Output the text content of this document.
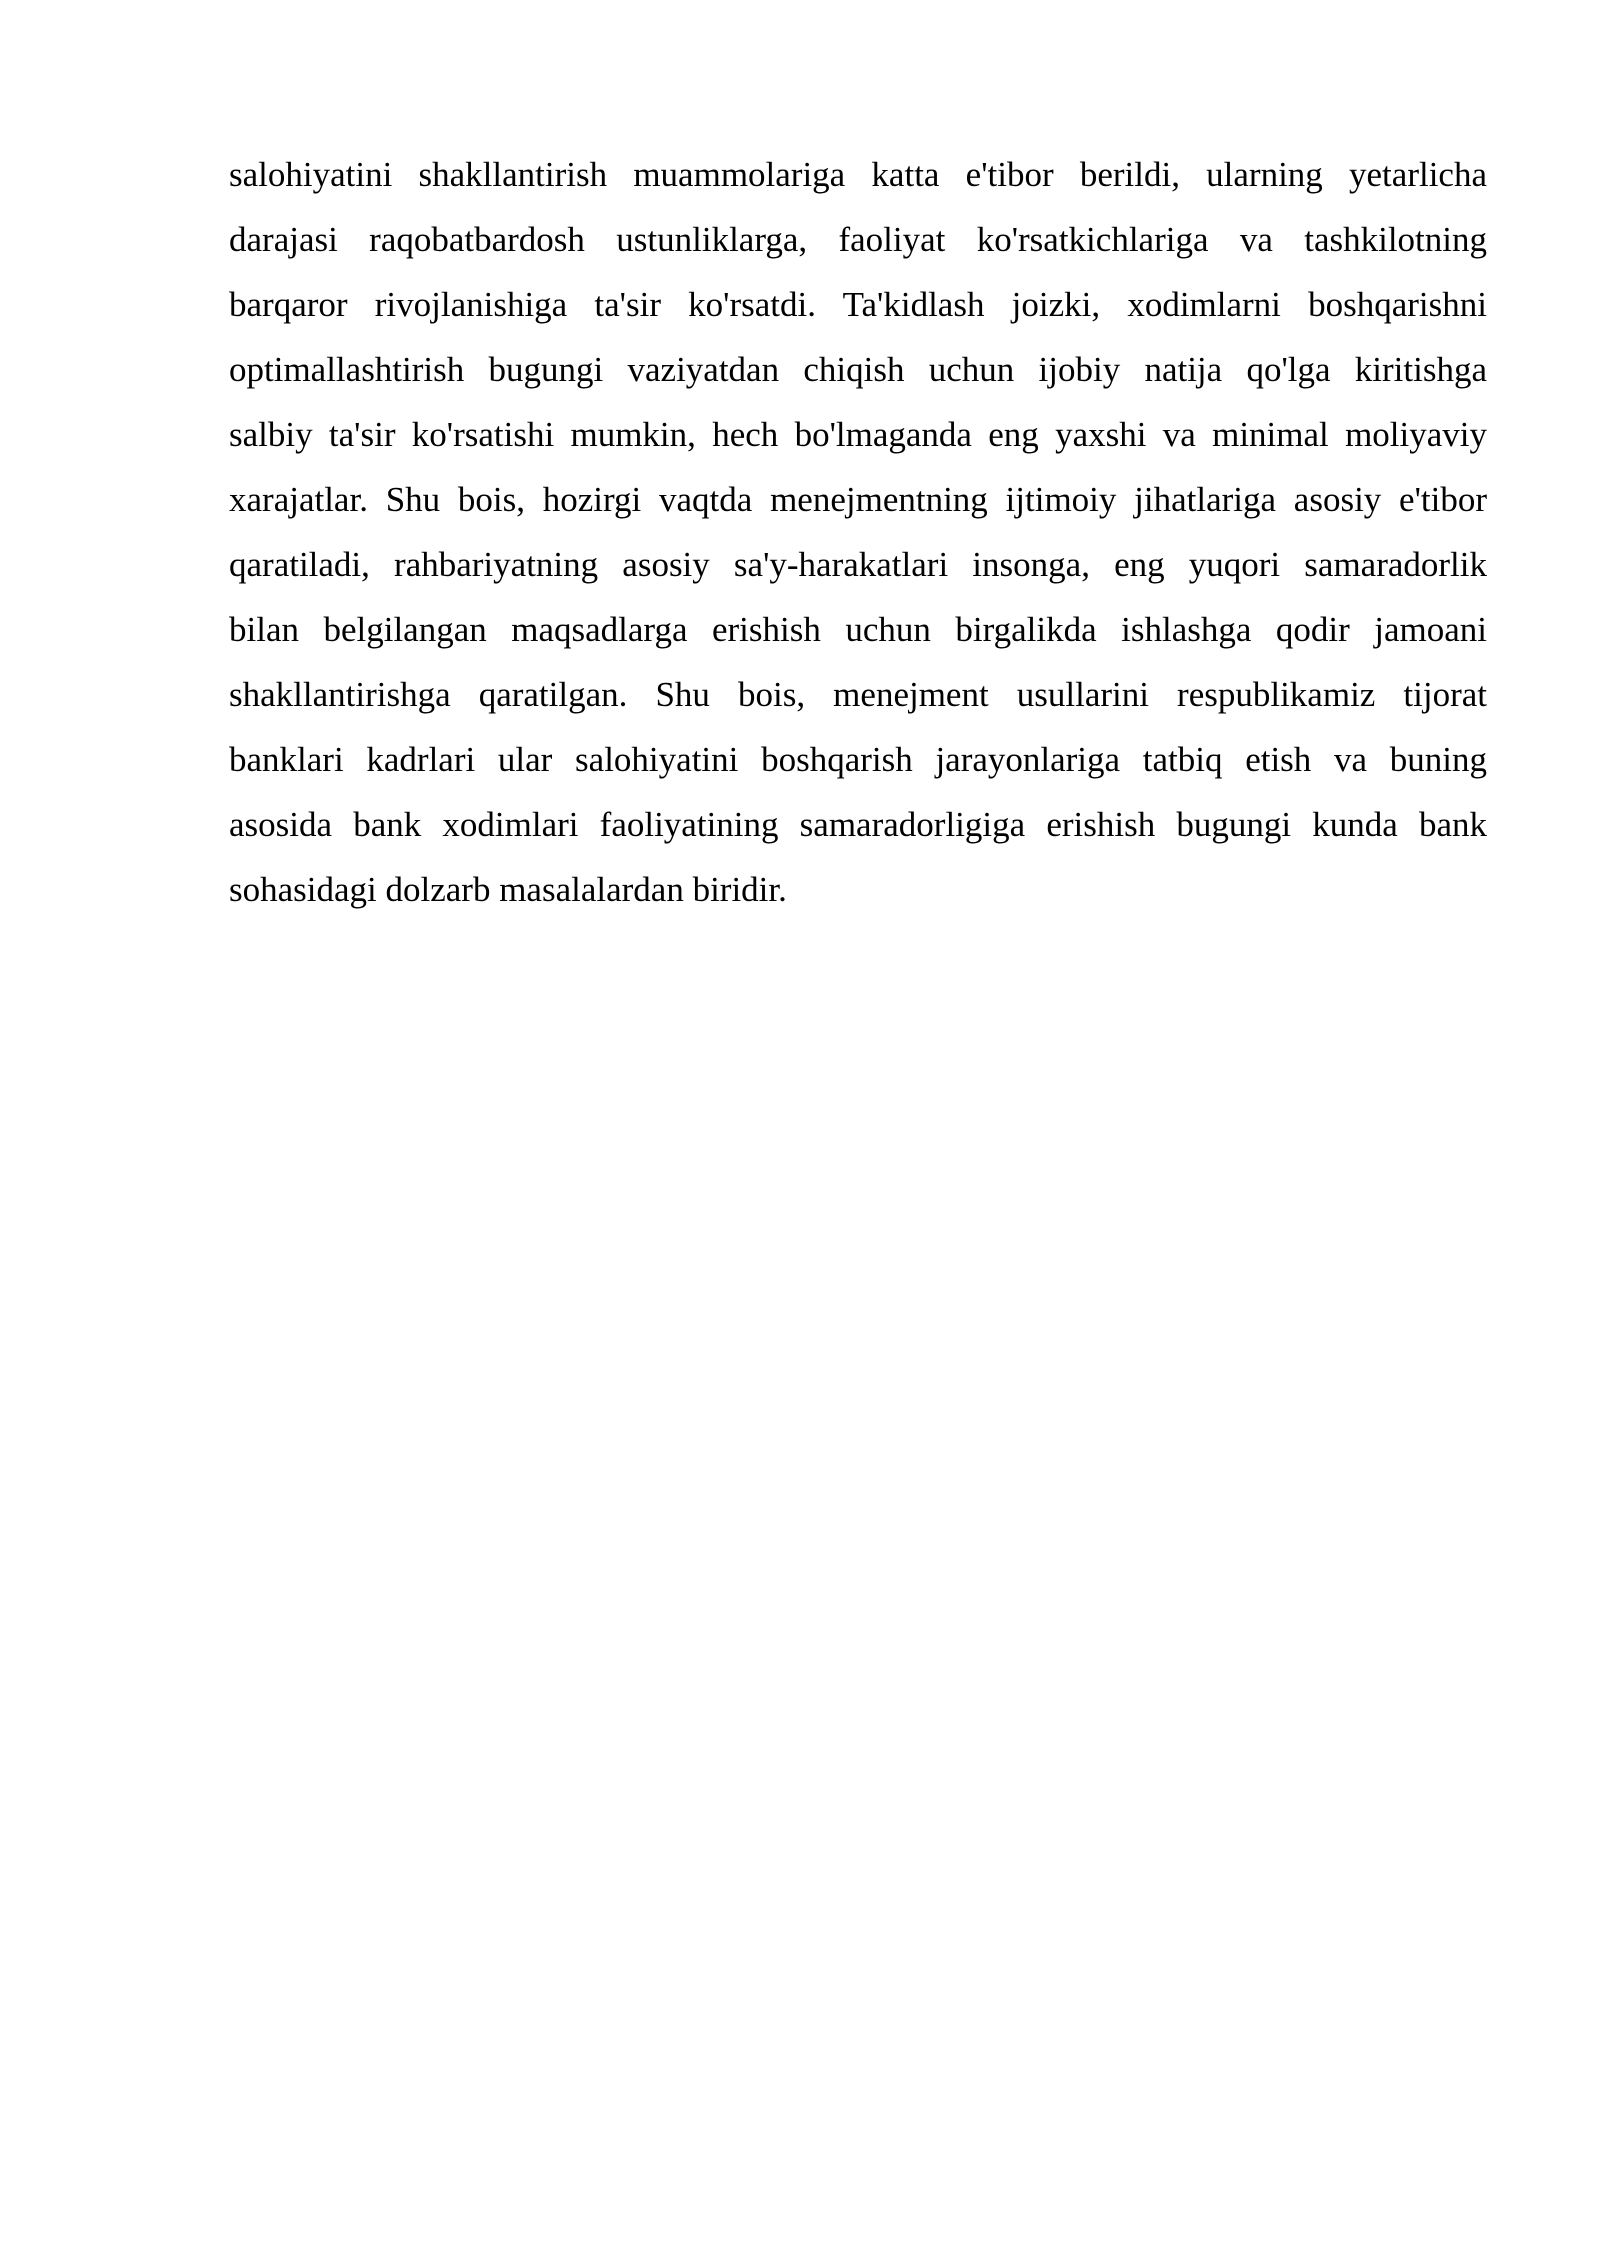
salohiyatini shakllantirish muammolariga katta e'tibor berildi, ularning yetarlicha
darajasi raqobatbardosh ustunliklarga, faoliyat ko'rsatkichlariga va tashkilotning
barqaror rivojlanishiga ta'sir ko'rsatdi. Ta'kidlash joizki, xodimlarni boshqarishni
optimallashtirish bugungi vaziyatdan chiqish uchun ijobiy natija qo'lga kiritishga
salbiy ta'sir ko'rsatishi mumkin, hech bo'lmaganda eng yaxshi va minimal moliyaviy
xarajatlar. Shu bois, hozirgi vaqtda menejmentning ijtimoiy jihatlariga asosiy e'tibor
qaratiladi, rahbariyatning asosiy sa'y-harakatlari insonga, eng yuqori samaradorlik
bilan belgilangan maqsadlarga erishish uchun birgalikda ishlashga qodir jamoani
shakllantirishga qaratilgan. Shu bois, menejment usullarini respublikamiz tijorat
banklari kadrlari ular salohiyatini boshqarish jarayonlariga tatbiq etish va buning
asosida bank xodimlari faoliyatining samaradorligiga erishish bugungi kunda bank
sohasidagi dolzarb masalalardan biridir.
